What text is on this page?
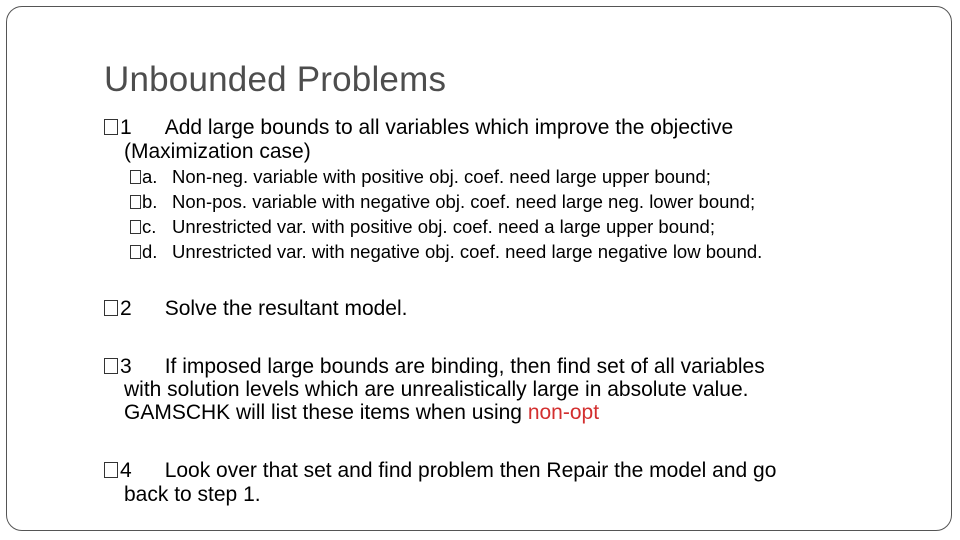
Unbounded Problems
1 Add large bounds to all variables which improve the objective
(Maximization case)
a. Non-neg. variable with positive obj. coef. need large upper bound;
b. Non-pos. variable with negative obj. coef. need large neg. lower bound;
c. Unrestricted var. with positive obj. coef. need a large upper bound;
d. Unrestricted var. with negative obj. coef. need large negative low bound.
2 Solve the resultant model.
3 If imposed large bounds are binding, then find set of all variables
with solution levels which are unrealistically large in absolute value.
GAMSCHK will list these items when using non-opt
4 Look over that set and find problem then Repair the model and go
back to step 1.
